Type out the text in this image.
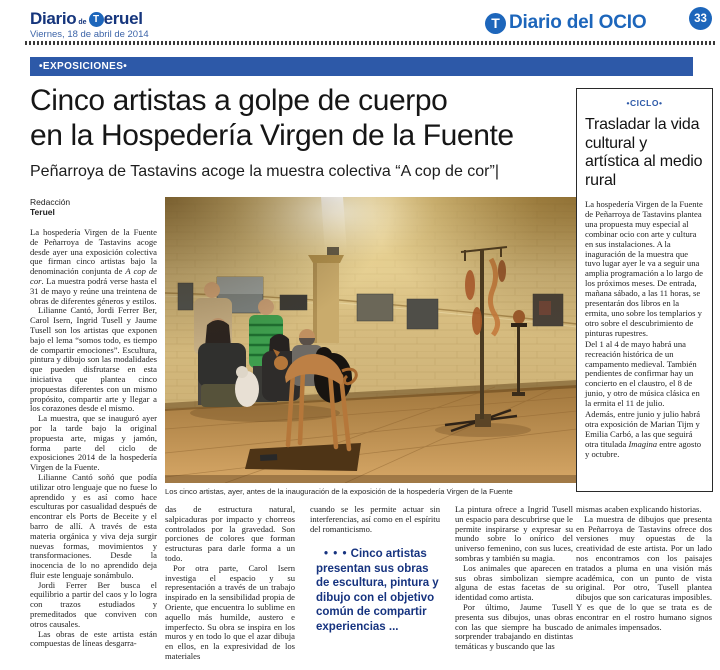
Diario de T eruel
Viernes, 18 de abril de 2014
T Diario del OCIO	33
•EXPOSICIONES•
Cinco artistas a golpe de cuerpo
en la Hospedería Virgen de la Fuente
Peñarroya de Tastavins acoge la muestra colectiva “A cop de cor”|
Redacción
Teruel
Los cinco artistas, ayer, antes de la inauguración de la exposición de la hospedería Virgen de la Fuente

La hospedería Virgen de la Fuente de Peñarroya de Tastavins acoge desde ayer una exposición colectiva que firman cinco artistas bajo la denominación conjunta de A cop de cor. La muestra podrá verse hasta el 31 de mayo y reúne una treintena de obras de diferentes géneros y estilos.

Lilianne Cantó, Jordi Ferrer Ber, Carol Isern, Ingrid Tusell y Jaume Tusell son los artistas que exponen bajo el lema “somos todo, es tiempo de compartir emociones”. Escultura, pintura y dibujo son las modalidades que pueden disfrutarse en esta iniciativa que plantea cinco propuestas diferentes con un mismo propósito, compartir arte y llegar a los corazones desde el mismo.

La muestra, que se inauguró ayer por la tarde bajo la original propuesta arte, migas y jamón, forma parte del ciclo de exposiciones 2014 de la hospedería Virgen de la Fuente.

Lilianne Cantó soñó que podía utilizar otro lenguaje que no fuese lo aprendido y es así como hace esculturas por casualidad después de encontrar els Ports de Beceite y el barro de allí. A través de esta materia orgánica y viva deja surgir nuevas formas, movimientos y transformaciones. Desde la inocencia de lo no aprendido deja fluir este lenguaje sonámbulo.

Jordi Ferrer Ber busca el equilibrio a partir del caos y lo logra con trazos estudiados y premeditados que conviven con otros causales.

Las obras de este artista están compuestas de líneas desgarra-

das de estructura natural, salpicaduras por impacto y chorreos controlados por la gravedad. Son porciones de colores que forman estructuras para darle forma a un todo.

Por otra parte, Carol Isern investiga el espacio y su representación a través de un trabajo inspirado en la sensibilidad propia de Oriente, que encuentra lo sublime en aquello más humilde, austero e imperfecto. Su obra se inspira en los muros y en todo lo que el azar dibuja en ellos, en la expresividad de los materiales

cuando se les permite actuar sin interferencias, así como en el espíritu del romanticismo.

• • • Cinco artistas presentan sus obras de escultura, pintura y dibujo con el objetivo común de compartir experiencias ...

La pintura ofrece a Ingrid Tusell un espacio para descubrirse que le permite inspirarse y expresar su mundo sobre lo onírico del universo femenino, con sus luces, sombras y también su magia.

Los animales que aparecen en sus obras simbolizan siempre alguna de estas facetas de su identidad como artista.

Por último, Jaume Tusell presenta sus dibujos, unas obras con las que siempre ha buscado sorprender trabajando en distintas temáticas y buscando que las

mismas acaben explicando historias.

La muestra de dibujos que presenta en Peñarroya de Tastavins ofrece dos versiones muy opuestas de la creatividad de este artista. Por un lado nos encontramos con los paisajes tratados a pluma en una visión más académica, con un punto de vista original. Por otro, Tusell plantea dibujos que son caricaturas imposibles. Y es que de lo que se trata es de encontrar en el rostro humano signos de animales impensados.

•CICLO•
Trasladar la vida cultural y artística al medio rural

La hospedería Virgen de la Fuente de Peñarroya de Tastavins plantea una propuesta muy especial al combinar ocio con arte y cultura en sus instalaciones. A la inaguración de la muestra que tuvo lugar ayer le va a seguir una amplia programación a lo largo de los próximos meses. De entrada, mañana sábado, a las 11 horas, se presentarán dos libros en la ermita, uno sobre los templarios y otro sobre el descubrimiento de pinturas rupestres.

Del 1 al 4 de mayo habrá una recreación histórica de un campamento medieval. También pendientes de confirmar hay un concierto en el claustro, el 8 de junio, y otro de música clásica en la ermita el 11 de julio.

Además, entre junio y julio habrá otra exposición de Marian Tijm y Emilia Carbó, a las que seguirá otra titulada Imagina entre agosto y octubre.
